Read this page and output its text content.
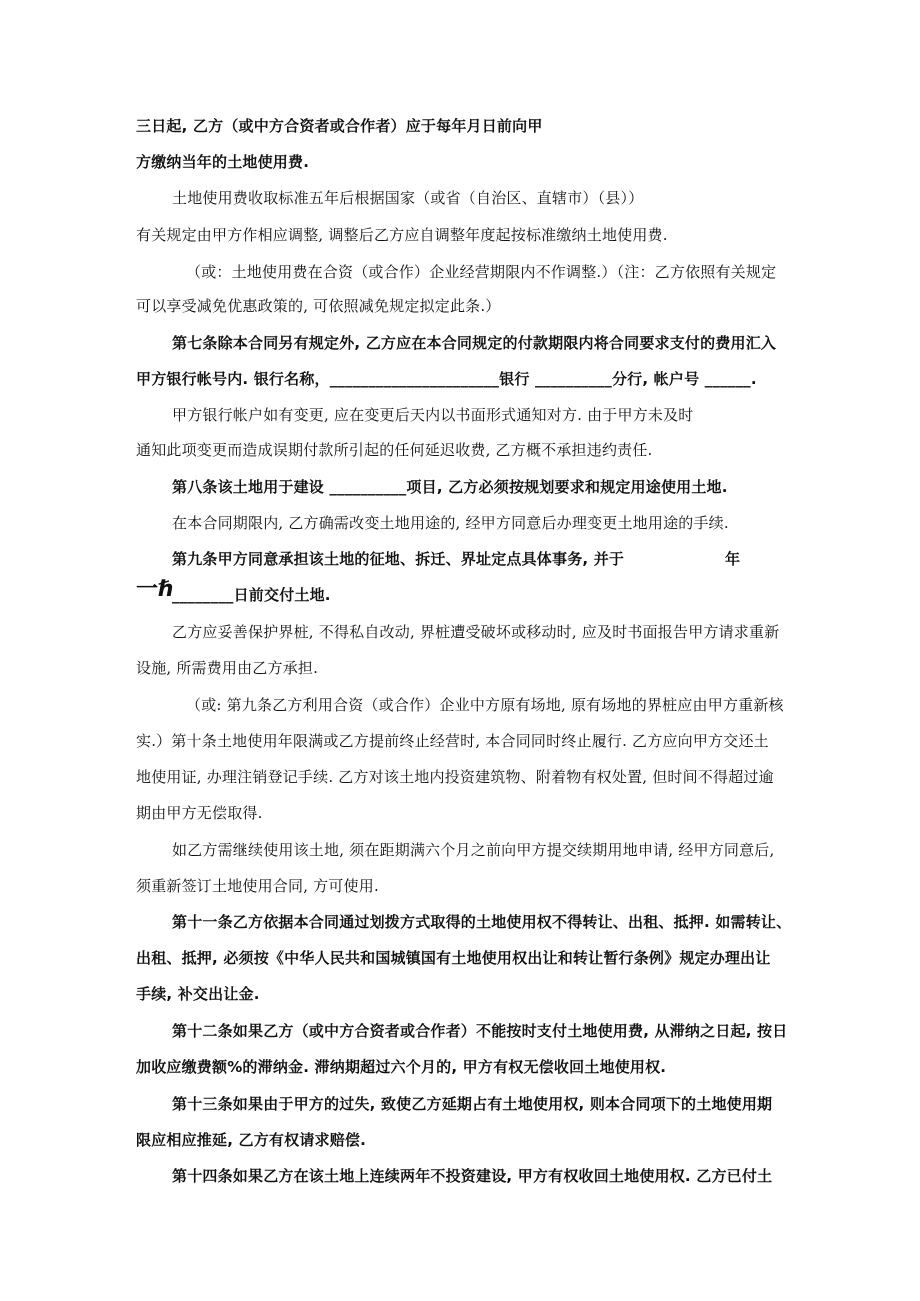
三日起, 乙方（或中方合资者或合作者）应于每年月日前向甲
方缴纳当年的土地使用费.
土地使用费收取标准五年后根据国家（或省（自治区、直辖市）（县））
有关规定由甲方作相应调整, 调整后乙方应自调整年度起按标准缴纳土地使用费.
（或：土地使用费在合资（或合作）企业经营期限内不作调整.）（注：乙方依照有关规定
可以享受减免优惠政策的, 可依照减免规定拟定此条.）
第七条除本合同另有规定外, 乙方应在本合同规定的付款期限内将合同要求支付的费用汇入
甲方银行帐号内. 银行名称，______________________银行 __________分行, 帐户号 ______.
甲方银行帐户如有变更, 应在变更后天内以书面形式通知对方. 由于甲方未及时
通知此项变更而造成误期付款所引起的任何延迟收费, 乙方概不承担违约责任.
第八条该土地用于建设 __________项目, 乙方必须按规划要求和规定用途使用土地.
在本合同期限内, 乙方确需改变土地用途的, 经甲方同意后办理变更土地用途的手续.
第九条甲方同意承担该土地的征地、拆迁、界址定点具体事务, 并于	年
一ℏ
________日前交付土地.
乙方应妥善保护界桩, 不得私自改动, 界桩遭受破坏或移动时, 应及时书面报告甲方请求重新
设施, 所需费用由乙方承担.
（或: 第九条乙方利用合资（或合作）企业中方原有场地, 原有场地的界桩应由甲方重新核
实.）第十条土地使用年限满或乙方提前终止经营时, 本合同同时终止履行. 乙方应向甲方交还土
地使用证, 办理注销登记手续. 乙方对该土地内投资建筑物、附着物有权处置, 但时间不得超过逾
期由甲方无偿取得.
如乙方需继续使用该土地, 须在距期满六个月之前向甲方提交续期用地申请, 经甲方同意后,
须重新签订土地使用合同, 方可使用.
第十一条乙方依据本合同通过划拨方式取得的土地使用权不得转让、出租、抵押. 如需转让、
出租、抵押, 必须按《中华人民共和国城镇国有土地使用权出让和转让暂行条例》规定办理出让
手续, 补交出让金.
第十二条如果乙方（或中方合资者或合作者）不能按时支付土地使用费, 从滞纳之日起, 按日
加收应缴费额%的滞纳金. 滞纳期超过六个月的, 甲方有权无偿收回土地使用权.
第十三条如果由于甲方的过失, 致使乙方延期占有土地使用权, 则本合同项下的土地使用期
限应相应推延, 乙方有权请求赔偿.
第十四条如果乙方在该土地上连续两年不投资建设, 甲方有权收回土地使用权. 乙方已付土
